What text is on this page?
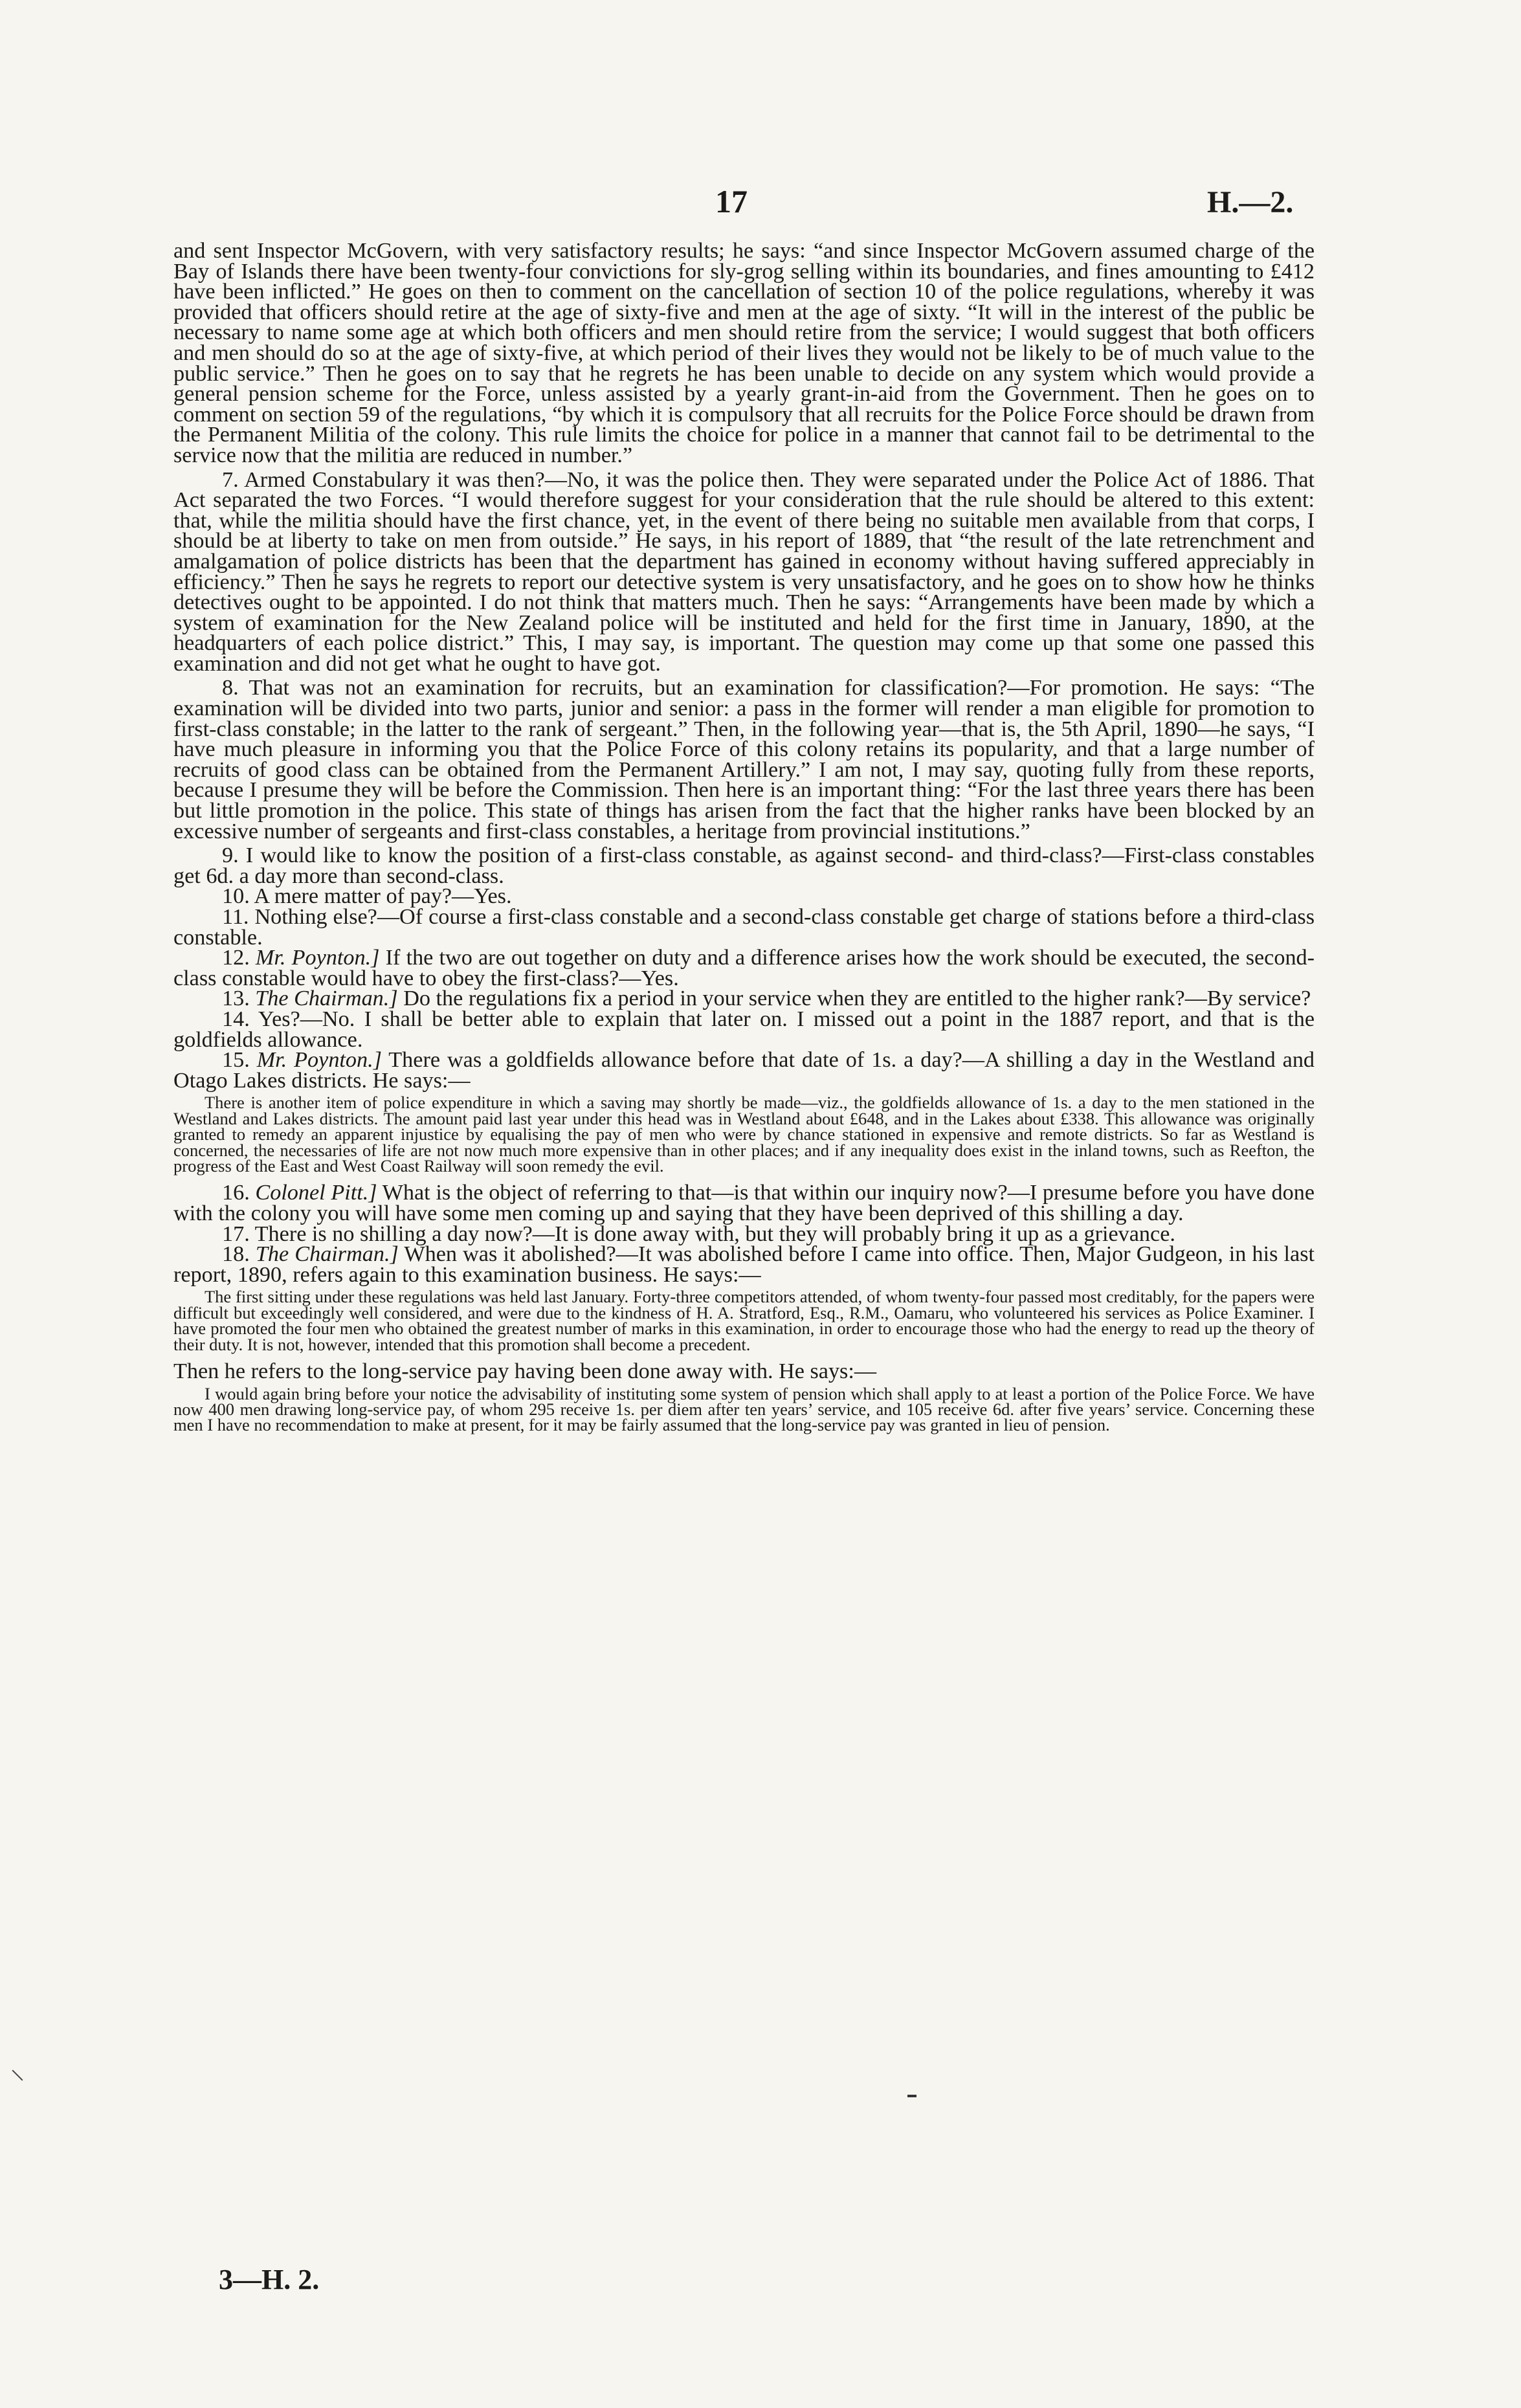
17	H.—2.

and sent Inspector McGovern, with very satisfactory results; he says: “and since Inspector McGovern assumed charge of the Bay of Islands there have been twenty-four convictions for sly-grog selling within its boundaries, and fines amounting to £412 have been inflicted.” He goes on then to comment on the cancellation of section 10 of the police regulations, whereby it was provided that officers should retire at the age of sixty-five and men at the age of sixty. “It will in the interest of the public be necessary to name some age at which both officers and men should retire from the service; I would suggest that both officers and men should do so at the age of sixty-five, at which period of their lives they would not be likely to be of much value to the public service.” Then he goes on to say that he regrets he has been unable to decide on any system which would provide a general pension scheme for the Force, unless assisted by a yearly grant-in-aid from the Government. Then he goes on to comment on section 59 of the regulations, “by which it is compulsory that all recruits for the Police Force should be drawn from the Permanent Militia of the colony. This rule limits the choice for police in a manner that cannot fail to be detrimental to the service now that the militia are reduced in number.”

7. Armed Constabulary it was then?—No, it was the police then. They were separated under the Police Act of 1886. That Act separated the two Forces. “I would therefore suggest for your consideration that the rule should be altered to this extent: that, while the militia should have the first chance, yet, in the event of there being no suitable men available from that corps, I should be at liberty to take on men from outside.” He says, in his report of 1889, that “the result of the late retrenchment and amalgamation of police districts has been that the department has gained in economy without having suffered appreciably in efficiency.” Then he says he regrets to report our detective system is very unsatisfactory, and he goes on to show how he thinks detectives ought to be appointed. I do not think that matters much. Then he says: “Arrangements have been made by which a system of examination for the New Zealand police will be instituted and held for the first time in January, 1890, at the headquarters of each police district.” This, I may say, is important. The question may come up that some one passed this examination and did not get what he ought to have got.

8. That was not an examination for recruits, but an examination for classification?—For promotion. He says: “The examination will be divided into two parts, junior and senior: a pass in the former will render a man eligible for promotion to first-class constable; in the latter to the rank of sergeant.” Then, in the following year—that is, the 5th April, 1890—he says, “I have much pleasure in informing you that the Police Force of this colony retains its popularity, and that a large number of recruits of good class can be obtained from the Permanent Artillery.” I am not, I may say, quoting fully from these reports, because I presume they will be before the Commission. Then here is an important thing: “For the last three years there has been but little promotion in the police. This state of things has arisen from the fact that the higher ranks have been blocked by an excessive number of sergeants and first-class constables, a heritage from provincial institutions.”

9. I would like to know the position of a first-class constable, as against second- and third-class?—First-class constables get 6d. a day more than second-class.

10. A mere matter of pay?—Yes.

11. Nothing else?—Of course a first-class constable and a second-class constable get charge of stations before a third-class constable.

12. Mr. Poynton.] If the two are out together on duty and a difference arises how the work should be executed, the second-class constable would have to obey the first-class?—Yes.

13. The Chairman.] Do the regulations fix a period in your service when they are entitled to the higher rank?—By service?

14. Yes?—No. I shall be better able to explain that later on. I missed out a point in the 1887 report, and that is the goldfields allowance.

15. Mr. Poynton.] There was a goldfields allowance before that date of 1s. a day?—A shilling a day in the Westland and Otago Lakes districts. He says:—

There is another item of police expenditure in which a saving may shortly be made—viz., the goldfields allowance of 1s. a day to the men stationed in the Westland and Lakes districts. The amount paid last year under this head was in Westland about £648, and in the Lakes about £338. This allowance was originally granted to remedy an apparent injustice by equalising the pay of men who were by chance stationed in expensive and remote districts. So far as Westland is concerned, the necessaries of life are not now much more expensive than in other places; and if any inequality does exist in the inland towns, such as Reefton, the progress of the East and West Coast Railway will soon remedy the evil.

16. Colonel Pitt.] What is the object of referring to that—is that within our inquiry now?—I presume before you have done with the colony you will have some men coming up and saying that they have been deprived of this shilling a day.

17. There is no shilling a day now?—It is done away with, but they will probably bring it up as a grievance.

18. The Chairman.] When was it abolished?—It was abolished before I came into office. Then, Major Gudgeon, in his last report, 1890, refers again to this examination business. He says:—

The first sitting under these regulations was held last January. Forty-three competitors attended, of whom twenty-four passed most creditably, for the papers were difficult but exceedingly well considered, and were due to the kindness of H. A. Stratford, Esq., R.M., Oamaru, who volunteered his services as Police Examiner. I have promoted the four men who obtained the greatest number of marks in this examination, in order to encourage those who had the energy to read up the theory of their duty. It is not, however, intended that this promotion shall become a precedent.

Then he refers to the long-service pay having been done away with. He says:—

I would again bring before your notice the advisability of instituting some system of pension which shall apply to at least a portion of the Police Force. We have now 400 men drawing long-service pay, of whom 295 receive 1s. per diem after ten years’ service, and 105 receive 6d. after five years’ service. Concerning these men I have no recommendation to make at present, for it may be fairly assumed that the long-service pay was granted in lieu of pension.

3—H. 2.
